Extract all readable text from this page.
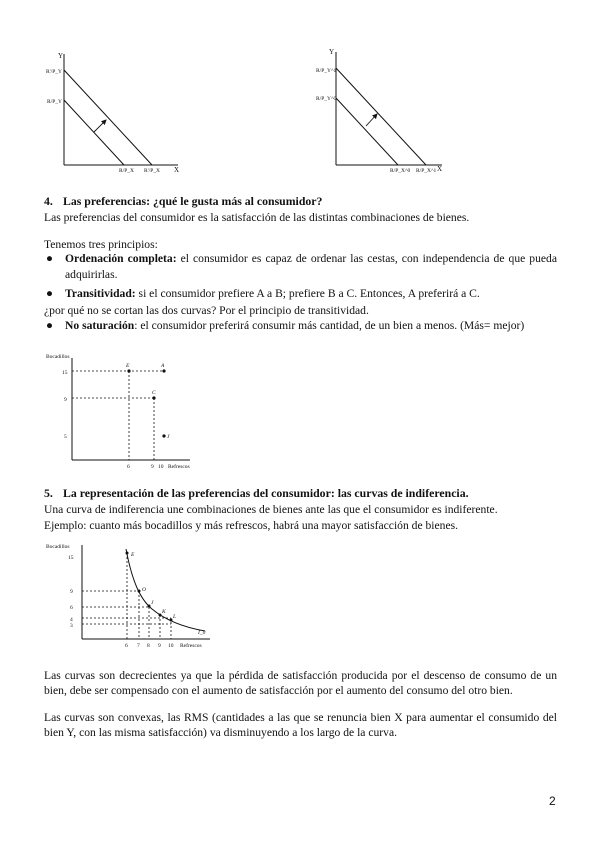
Y
X
R'/P_Y
R/P_Y
R/P_X R'/P_X
Y
X
R/P_Y^1
R/P_Y^0
R/P_X^0 R/P_X^1

4. Las preferencias: ¿qué le gusta más al consumidor?

Las preferencias del consumidor es la satisfacción de las distintas combinaciones de bienes.

Tenemos tres principios:

● Ordenación completa: el consumidor es capaz de ordenar las cestas, con independencia de que pueda adquirirlas.
● Transitividad: si el consumidor prefiere A a B; prefiere B a C. Entonces, A preferirá a C.

¿por qué no se cortan las dos curvas? Por el principio de transitividad.

● No saturación: el consumidor preferirá consumir más cantidad, de un bien a menos. (Más= mejor)
Bocadillos
Refrescos
15
9
5
6	9 10
E	A
C
J

5. La representación de las preferencias del consumidor: las curvas de indiferencia.

Una curva de indiferencia une combinaciones de bienes ante las que el consumidor es indiferente.

Ejemplo: cuanto más bocadillos y más refrescos, habrá una mayor satisfacción de bienes.

Bocadillos
Refrescos
15
9
6
4
3
6 7 8 9 10
E
O
J
K
L
I_0

Las curvas son decrecientes ya que la pérdida de satisfacción producida por el descenso de consumo de un bien, debe ser compensado con el aumento de satisfacción por el aumento del consumo del otro bien.

Las curvas son convexas, las RMS (cantidades a las que se renuncia bien X para aumentar el consumido del bien Y, con las misma satisfacción) va disminuyendo a los largo de la curva.

2
